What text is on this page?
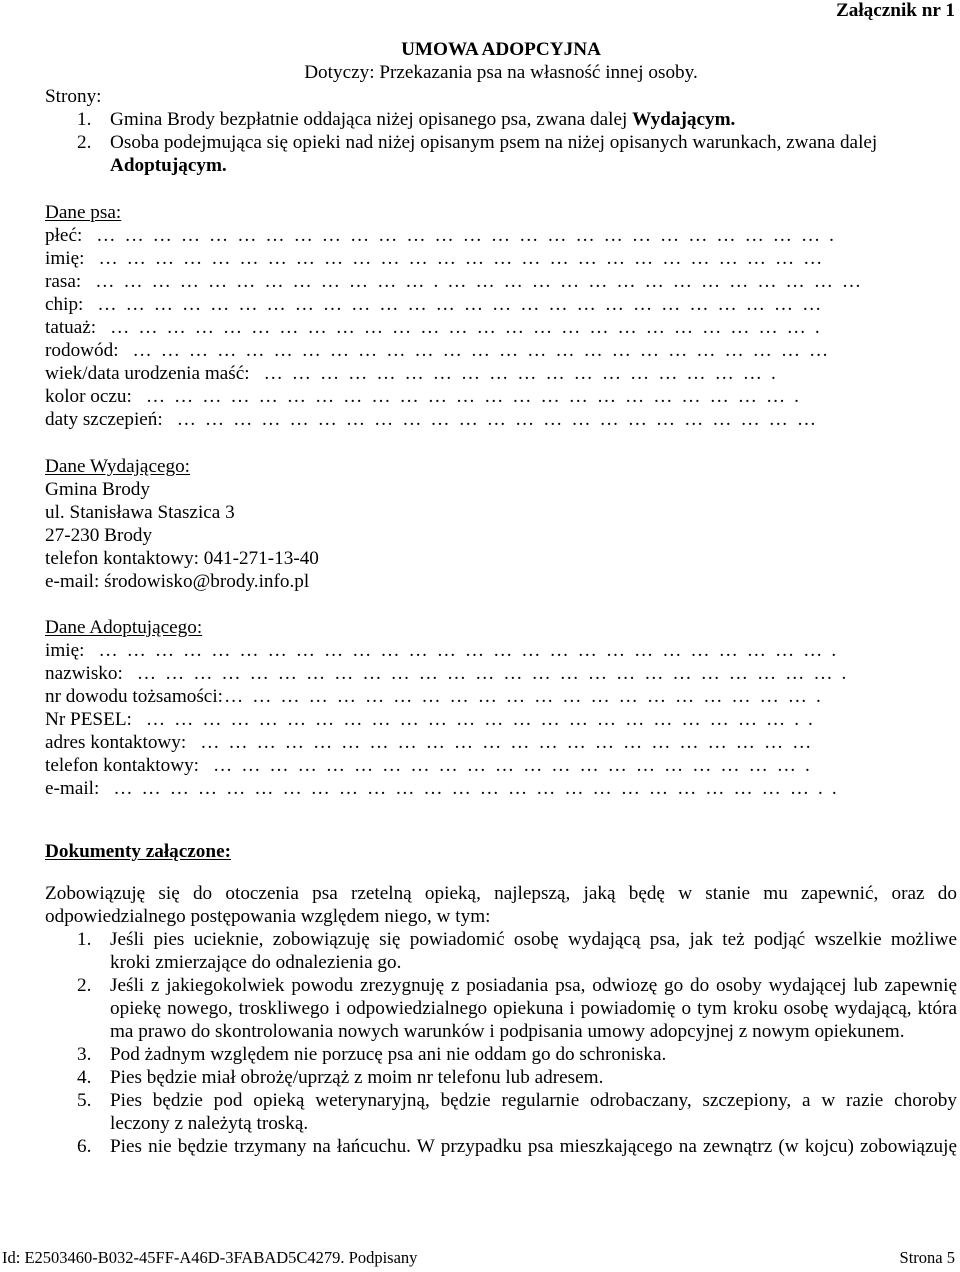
Załącznik nr 1
UMOWA ADOPCYJNA
Dotyczy: Przekazania psa na własność innej osoby.
Strony:
1. Gmina Brody bezpłatnie oddająca niżej opisanego psa, zwana dalej Wydającym.
2. Osoba podejmująca się opieki nad niżej opisanym psem na niżej opisanych warunkach, zwana dalej
Adoptującym.
Dane psa:
płeć: …………………………………………………………………….
imię: ……………………………………………………………………
rasa: ……………………………….………………………………………
chip: ……………………………………………………………………
tatuaż: ………………………………………………………………….
rodowód: …………………………………………………………………
wiek/data urodzenia maść: ……………………………………………….
kolor oczu: …………………………………………………………….
daty szczepień: ……………………………………………………………
Dane Wydającego:
Gmina Brody
ul. Stanisława Staszica 3
27-230 Brody
telefon kontaktowy: 041-271-13-40
e-mail: środowisko@brody.info.pl
Dane Adoptującego:
imię: …………………………………………………………………….
nazwisko: ………………………………………………………………….
nr dowodu tożsamości:……………………………………………………….
Nr PESEL: ……………………………………………………………..
adres kontaktowy: …………………………………………………………
telefon kontaktowy: ……………………………………………………….
e-mail: …………………………………………………………………..
Dokumenty załączone:
Zobowiązuję się do otoczenia psa rzetelną opieką, najlepszą, jaką będę w stanie mu zapewnić, oraz do
odpowiedzialnego postępowania względem niego, w tym:
1. Jeśli pies ucieknie, zobowiązuję się powiadomić osobę wydającą psa, jak też podjąć wszelkie możliwe
kroki zmierzające do odnalezienia go.
2. Jeśli z jakiegokolwiek powodu zrezygnuję z posiadania psa, odwiozę go do osoby wydającej lub zapewnię
opiekę nowego, troskliwego i odpowiedzialnego opiekuna i powiadomię o tym kroku osobę wydającą, która
ma prawo do skontrolowania nowych warunków i podpisania umowy adopcyjnej z nowym opiekunem.
3. Pod żadnym względem nie porzucę psa ani nie oddam go do schroniska.
4. Pies będzie miał obrożę/uprząż z moim nr telefonu lub adresem.
5. Pies będzie pod opieką weterynaryjną, będzie regularnie odrobaczany, szczepiony, a w razie choroby
leczony z należytą troską.
6. Pies nie będzie trzymany na łańcuchu. W przypadku psa mieszkającego na zewnątrz (w kojcu) zobowiązuję
Id: E2503460-B032-45FF-A46D-3FABAD5C4279. Podpisany	Strona 5
